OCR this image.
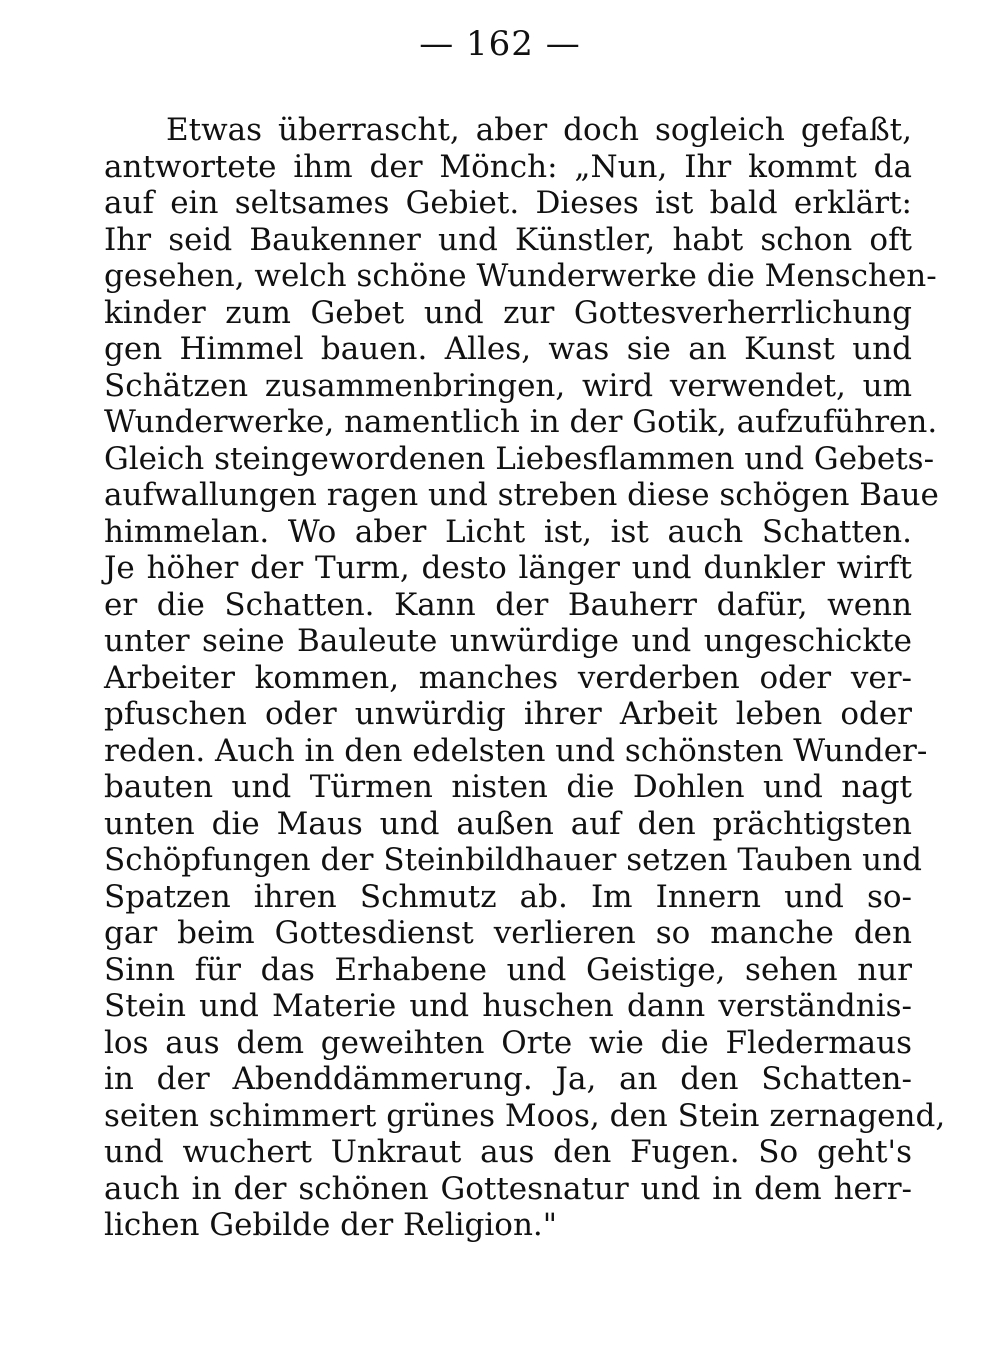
— 162 —
Etwas überrascht, aber doch sogleich gefaßt,
antwortete ihm der Mönch: „Nun, Ihr kommt da
auf ein seltsames Gebiet. Dieses ist bald erklärt:
Ihr seid Baukenner und Künstler, habt schon oft
gesehen, welch schöne Wunderwerke die Menschen-
kinder zum Gebet und zur Gottesverherrlichung
gen Himmel bauen. Alles, was sie an Kunst und
Schätzen zusammenbringen, wird verwendet, um
Wunderwerke, namentlich in der Gotik, aufzuführen.
Gleich steingewordenen Liebesflammen und Gebets-
aufwallungen ragen und streben diese schögen Baue
himmelan. Wo aber Licht ist, ist auch Schatten.
Je höher der Turm, desto länger und dunkler wirft
er die Schatten. Kann der Bauherr dafür, wenn
unter seine Bauleute unwürdige und ungeschickte
Arbeiter kommen, manches verderben oder ver-
pfuschen oder unwürdig ihrer Arbeit leben oder
reden. Auch in den edelsten und schönsten Wunder-
bauten und Türmen nisten die Dohlen und nagt
unten die Maus und außen auf den prächtigsten
Schöpfungen der Steinbildhauer setzen Tauben und
Spatzen ihren Schmutz ab. Im Innern und so-
gar beim Gottesdienst verlieren so manche den
Sinn für das Erhabene und Geistige, sehen nur
Stein und Materie und huschen dann verständnis-
los aus dem geweihten Orte wie die Fledermaus
in der Abenddämmerung. Ja, an den Schatten-
seiten schimmert grünes Moos, den Stein zernagend,
und wuchert Unkraut aus den Fugen. So geht's
auch in der schönen Gottesnatur und in dem herr-
lichen Gebilde der Religion."
